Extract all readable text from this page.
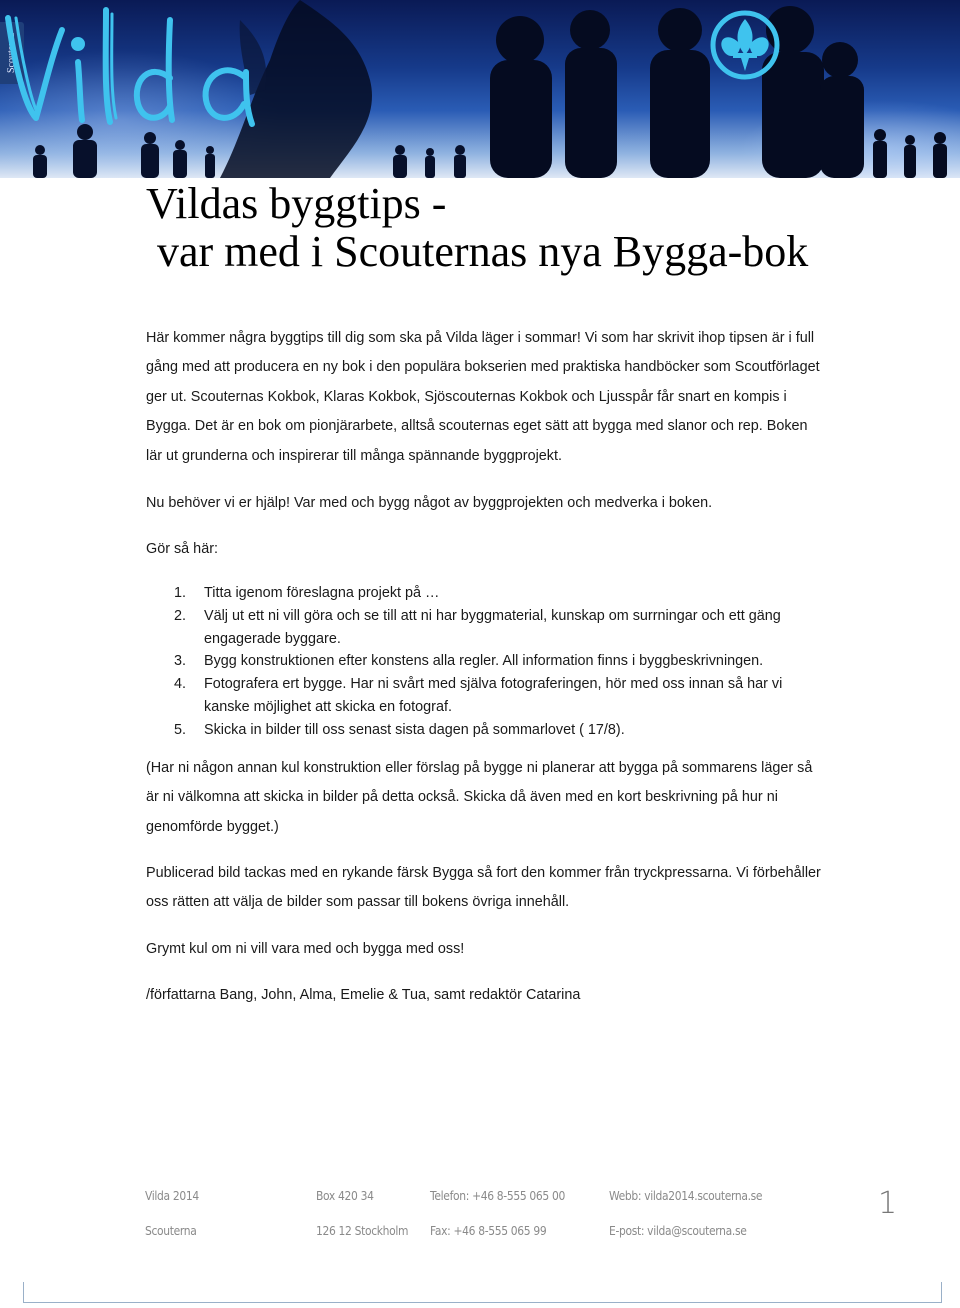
Scouterna
Vildas byggtips -
var med i Scouternas nya Bygga-bok

Här kommer några byggtips till dig som ska på Vilda läger i sommar! Vi som har skrivit ihop tipsen är i full gång med att producera en ny bok i den populära bokserien med praktiska handböcker som Scoutförlaget ger ut. Scouternas Kokbok, Klaras Kokbok, Sjöscouternas Kokbok och Ljusspår får snart en kompis i Bygga. Det är en bok om pionjärarbete, alltså scouternas eget sätt att bygga med slanor och rep. Boken lär ut grunderna och inspirerar till många spännande byggprojekt.

Nu behöver vi er hjälp! Var med och bygg något av byggprojekten och medverka i boken.

Gör så här:

1. Titta igenom föreslagna projekt på …
2. Välj ut ett ni vill göra och se till att ni har byggmaterial, kunskap om surrningar och ett gäng engagerade byggare.
3. Bygg konstruktionen efter konstens alla regler. All information finns i byggbeskrivningen.
4. Fotografera ert bygge. Har ni svårt med själva fotograferingen, hör med oss innan så har vi kanske möjlighet att skicka en fotograf.
5. Skicka in bilder till oss senast sista dagen på sommarlovet ( 17/8).

(Har ni någon annan kul konstruktion eller förslag på bygge ni planerar att bygga på sommarens läger så är ni välkomna att skicka in bilder på detta också. Skicka då även med en kort beskrivning på hur ni genomförde bygget.)

Publicerad bild tackas med en rykande färsk Bygga så fort den kommer från tryckpressarna. Vi förbehåller oss rätten att välja de bilder som passar till bokens övriga innehåll.

Grymt kul om ni vill vara med och bygga med oss!

/författarna Bang, John, Alma, Emelie & Tua, samt redaktör Catarina

Vilda 2014
Scouterna
Box 420 34
126 12 Stockholm
Telefon: +46 8-555 065 00
Fax: +46 8-555 065 99
Webb: vilda2014.scouterna.se
E-post: vilda@scouterna.se
1
